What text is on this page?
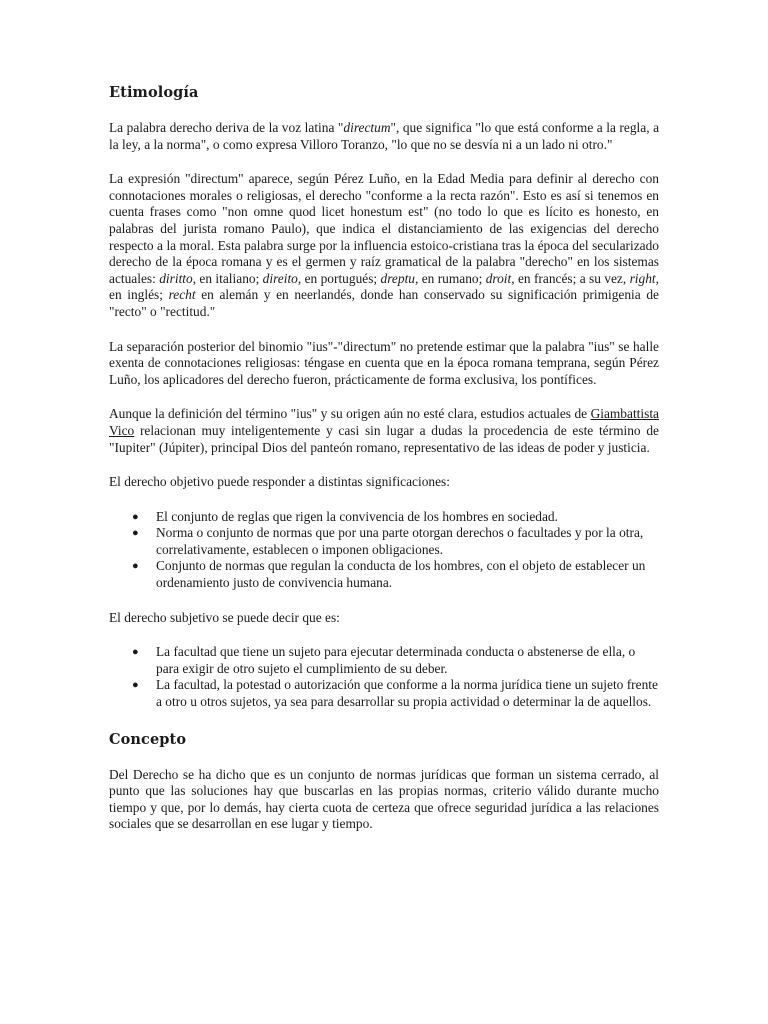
Etimología

La palabra derecho deriva de la voz latina "directum", que significa "lo que está conforme a la regla, a la ley, a la norma", o como expresa Villoro Toranzo, "lo que no se desvía ni a un lado ni otro."

La expresión "directum" aparece, según Pérez Luño, en la Edad Media para definir al derecho con connotaciones morales o religiosas, el derecho "conforme a la recta razón". Esto es así si tenemos en cuenta frases como "non omne quod licet honestum est" (no todo lo que es lícito es honesto, en palabras del jurista romano Paulo), que indica el distanciamiento de las exigencias del derecho respecto a la moral. Esta palabra surge por la influencia estoico-cristiana tras la época del secularizado derecho de la época romana y es el germen y raíz gramatical de la palabra "derecho" en los sistemas actuales: diritto, en italiano; direito, en portugués; dreptu, en rumano; droit, en francés; a su vez, right, en inglés; recht en alemán y en neerlandés, donde han conservado su significación primigenia de "recto" o "rectitud."

La separación posterior del binomio "ius"-"directum" no pretende estimar que la palabra "ius" se halle exenta de connotaciones religiosas: téngase en cuenta que en la época romana temprana, según Pérez Luño, los aplicadores del derecho fueron, prácticamente de forma exclusiva, los pontífices.

Aunque la definición del término "ius" y su origen aún no esté clara, estudios actuales de Giambattista Vico relacionan muy inteligentemente y casi sin lugar a dudas la procedencia de este término de "Iupiter" (Júpiter), principal Dios del panteón romano, representativo de las ideas de poder y justicia.

El derecho objetivo puede responder a distintas significaciones:

● El conjunto de reglas que rigen la convivencia de los hombres en sociedad.
● Norma o conjunto de normas que por una parte otorgan derechos o facultades y por la otra, correlativamente, establecen o imponen obligaciones.
● Conjunto de normas que regulan la conducta de los hombres, con el objeto de establecer un ordenamiento justo de convivencia humana.

El derecho subjetivo se puede decir que es:

● La facultad que tiene un sujeto para ejecutar determinada conducta o abstenerse de ella, o para exigir de otro sujeto el cumplimiento de su deber.
● La facultad, la potestad o autorización que conforme a la norma jurídica tiene un sujeto frente a otro u otros sujetos, ya sea para desarrollar su propia actividad o determinar la de aquellos.
Concepto

Del Derecho se ha dicho que es un conjunto de normas jurídicas que forman un sistema cerrado, al punto que las soluciones hay que buscarlas en las propias normas, criterio válido durante mucho tiempo y que, por lo demás, hay cierta cuota de certeza que ofrece seguridad jurídica a las relaciones sociales que se desarrollan en ese lugar y tiempo.
